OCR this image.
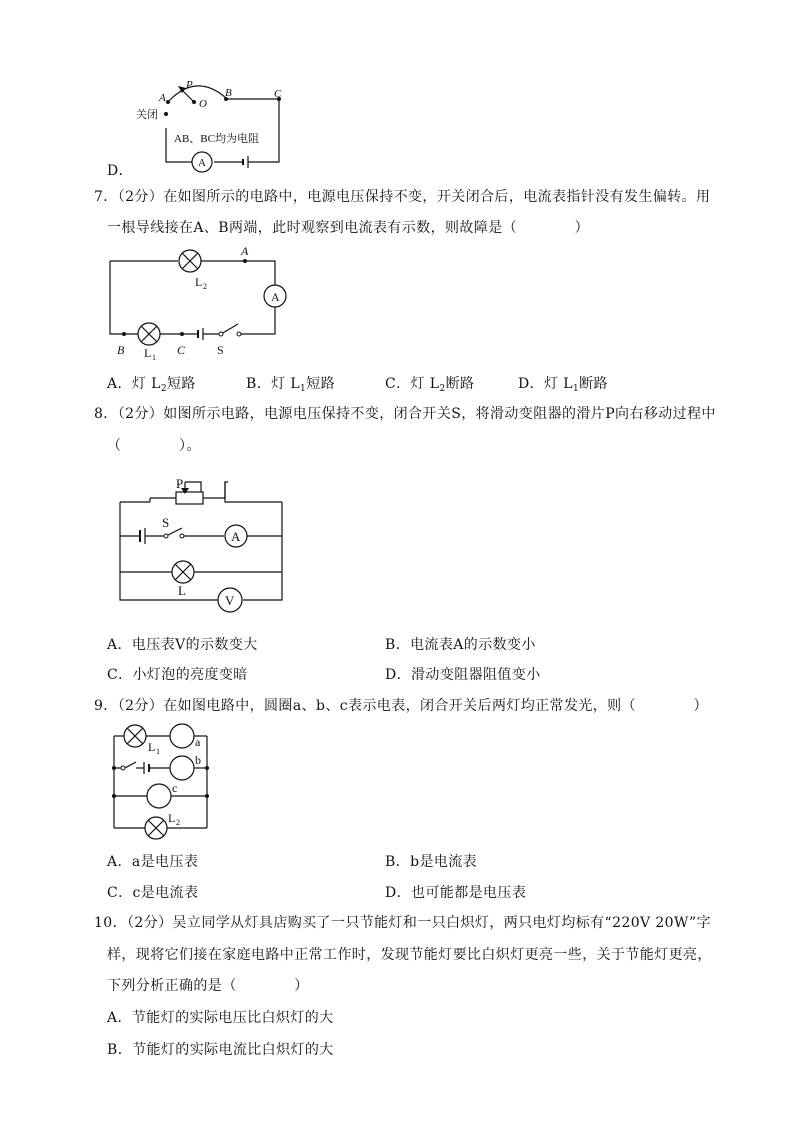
A
P
O
B	C
关闭
AB、BC均为电阻
A
D．
7．（2分）在如图所示的电路中，电源电压保持不变，开关闭合后，电流表指针没有发生偏转。用
一根导线接在A、B两端，此时观察到电流表有示数，则故障是（　　　　）
A
L 2
A
B L 1
C	S
A．灯 $L_2$短路	B．灯 $L_1$短路	C．灯 $L_2$断路	D．灯 $L_1$断路
8．（2分）如图所示电路，电源电压保持不变，闭合开关S，将滑动变阻器的滑片P向右移动过程中
（　　　　）。
P
S
A
L
V
A．电压表V的示数变大	B．电流表A的示数变小
C．小灯泡的亮度变暗	D．滑动变阻器阻值变小
9．（2分）在如图电路中，圆圈a、b、c表示电表，闭合开关后两灯均正常发光，则（　　　　）
L 1
a
b
c
L 2
A．a是电压表	B．b是电流表
C．c是电流表	D．也可能都是电压表
10．（2分）吴立同学从灯具店购买了一只节能灯和一只白炽灯，两只电灯均标有“220V 20W”字
样，现将它们接在家庭电路中正常工作时，发现节能灯要比白炽灯更亮一些，关于节能灯更亮，
下列分析正确的是（　　　　）
A．节能灯的实际电压比白炽灯的大
B．节能灯的实际电流比白炽灯的大
